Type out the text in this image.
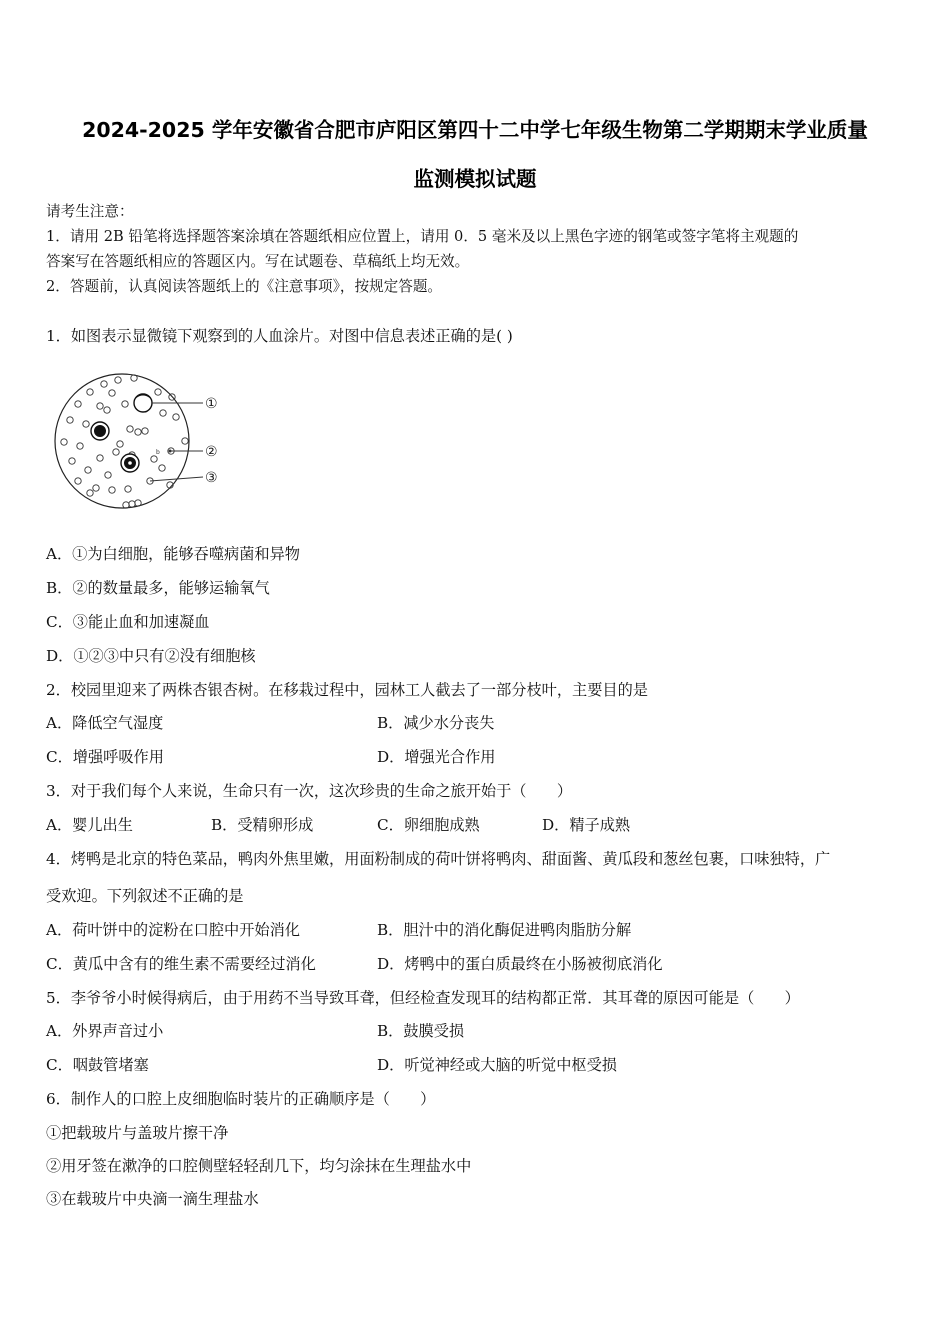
2024-2025 学年安徽省合肥市庐阳区第四十二中学七年级生物第二学期期末学业质量
监测模拟试题
请考生注意：
1．请用 2B 铅笔将选择题答案涂填在答题纸相应位置上，请用 0．5 毫米及以上黑色字迹的钢笔或签字笔将主观题的
答案写在答题纸相应的答题区内。写在试题卷、草稿纸上均无效。
2．答题前，认真阅读答题纸上的《注意事项》，按规定答题。
1．如图表示显微镜下观察到的人血涂片。对图中信息表述正确的是( )
b
①
②
③
A．①为白细胞，能够吞噬病菌和异物
B．②的数量最多，能够运输氧气
C．③能止血和加速凝血
D．①②③中只有②没有细胞核
2．校园里迎来了两株杏银杏树。在移栽过程中，园林工人截去了一部分枝叶，主要目的是
A．降低空气湿度	B．减少水分丧失
C．增强呼吸作用	D．增强光合作用
3．对于我们每个人来说，生命只有一次，这次珍贵的生命之旅开始于（　　）
A．婴儿出生	B．受精卵形成	C．卵细胞成熟	D．精子成熟
4．烤鸭是北京的特色菜品，鸭肉外焦里嫩，用面粉制成的荷叶饼将鸭肉、甜面酱、黄瓜段和葱丝包裹，口味独特，广
受欢迎。下列叙述不正确的是
A．荷叶饼中的淀粉在口腔中开始消化	B．胆汁中的消化酶促进鸭肉脂肪分解
C．黄瓜中含有的维生素不需要经过消化	D．烤鸭中的蛋白质最终在小肠被彻底消化
5．李爷爷小时候得病后，由于用药不当导致耳聋，但经检查发现耳的结构都正常．其耳聋的原因可能是（　　）
A．外界声音过小	B．鼓膜受损
C．咽鼓管堵塞	D．听觉神经或大脑的听觉中枢受损
6．制作人的口腔上皮细胞临时装片的正确顺序是（　　）
①把载玻片与盖玻片擦干净
②用牙签在漱净的口腔侧壁轻轻刮几下，均匀涂抹在生理盐水中
③在载玻片中央滴一滴生理盐水
